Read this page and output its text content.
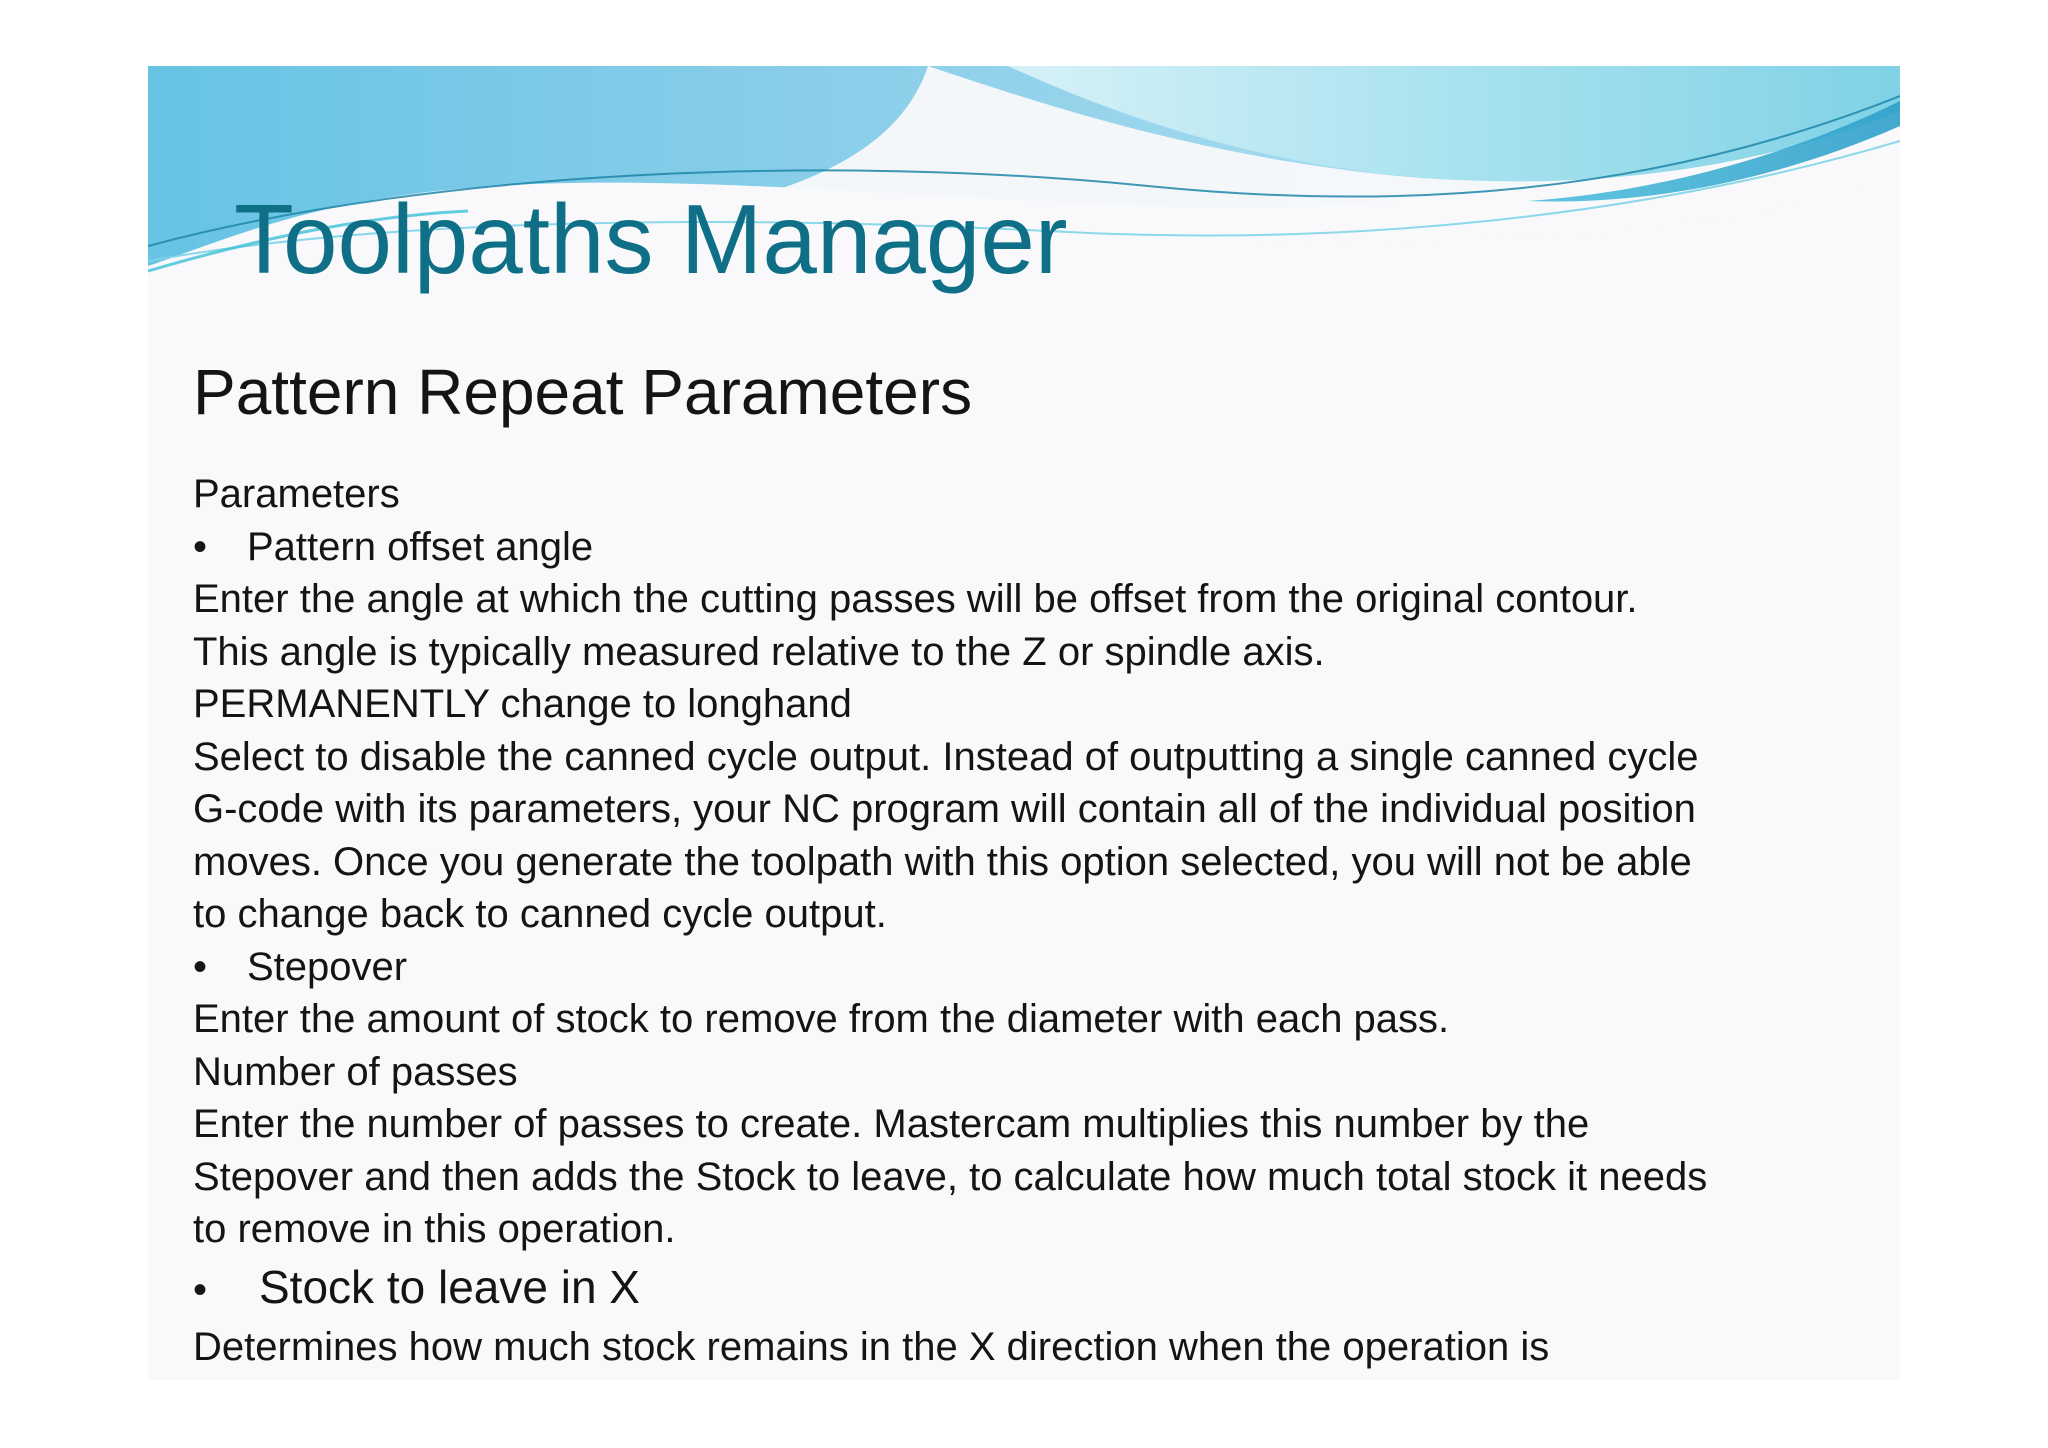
Toolpaths Manager
Pattern Repeat Parameters

Parameters

• Pattern offset angle

Enter the angle at which the cutting passes will be offset from the original contour.

This angle is typically measured relative to the Z or spindle axis.

PERMANENTLY change to longhand

Select to disable the canned cycle output. Instead of outputting a single canned cycle

G-code with its parameters, your NC program will contain all of the individual position

moves. Once you generate the toolpath with this option selected, you will not be able

to change back to canned cycle output.

• Stepover

Enter the amount of stock to remove from the diameter with each pass.

Number of passes

Enter the number of passes to create. Mastercam multiplies this number by the

Stepover and then adds the Stock to leave, to calculate how much total stock it needs

to remove in this operation.

•	Stock to leave in X

Determines how much stock remains in the X direction when the operation is
